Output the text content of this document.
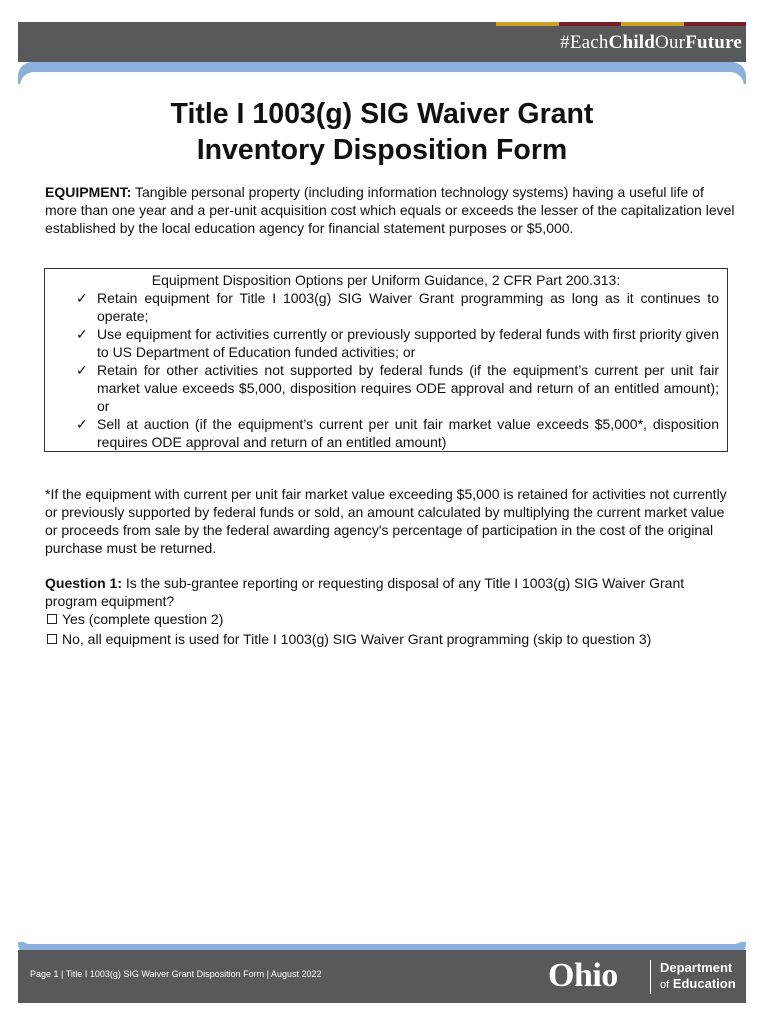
#EachChildOurFuture
Title I 1003(g) SIG Waiver Grant
Inventory Disposition Form

EQUIPMENT: Tangible personal property (including information technology systems) having a useful life of more than one year and a per-unit acquisition cost which equals or exceeds the lesser of the capitalization level established by the local education agency for financial statement purposes or $5,000.

Equipment Disposition Options per Uniform Guidance, 2 CFR Part 200.313:
✓ Retain equipment for Title I 1003(g) SIG Waiver Grant programming as long as it continues to operate;
✓ Use equipment for activities currently or previously supported by federal funds with first priority given to US Department of Education funded activities; or
✓ Retain for other activities not supported by federal funds (if the equipment’s current per unit fair market value exceeds $5,000, disposition requires ODE approval and return of an entitled amount); or
✓ Sell at auction (if the equipment’s current per unit fair market value exceeds $5,000*, disposition requires ODE approval and return of an entitled amount)

*If the equipment with current per unit fair market value exceeding $5,000 is retained for activities not currently or previously supported by federal funds or sold, an amount calculated by multiplying the current market value or proceeds from sale by the federal awarding agency's percentage of participation in the cost of the original purchase must be returned.

Question 1: Is the sub-grantee reporting or requesting disposal of any Title I 1003(g) SIG Waiver Grant program equipment?

Yes (complete question 2)
No, all equipment is used for Title I 1003(g) SIG Waiver Grant programming (skip to question 3)
Page 1 | Title I 1003(g) SIG Waiver Grant Disposition Form | August 2022	Ohio	Department
of Education
